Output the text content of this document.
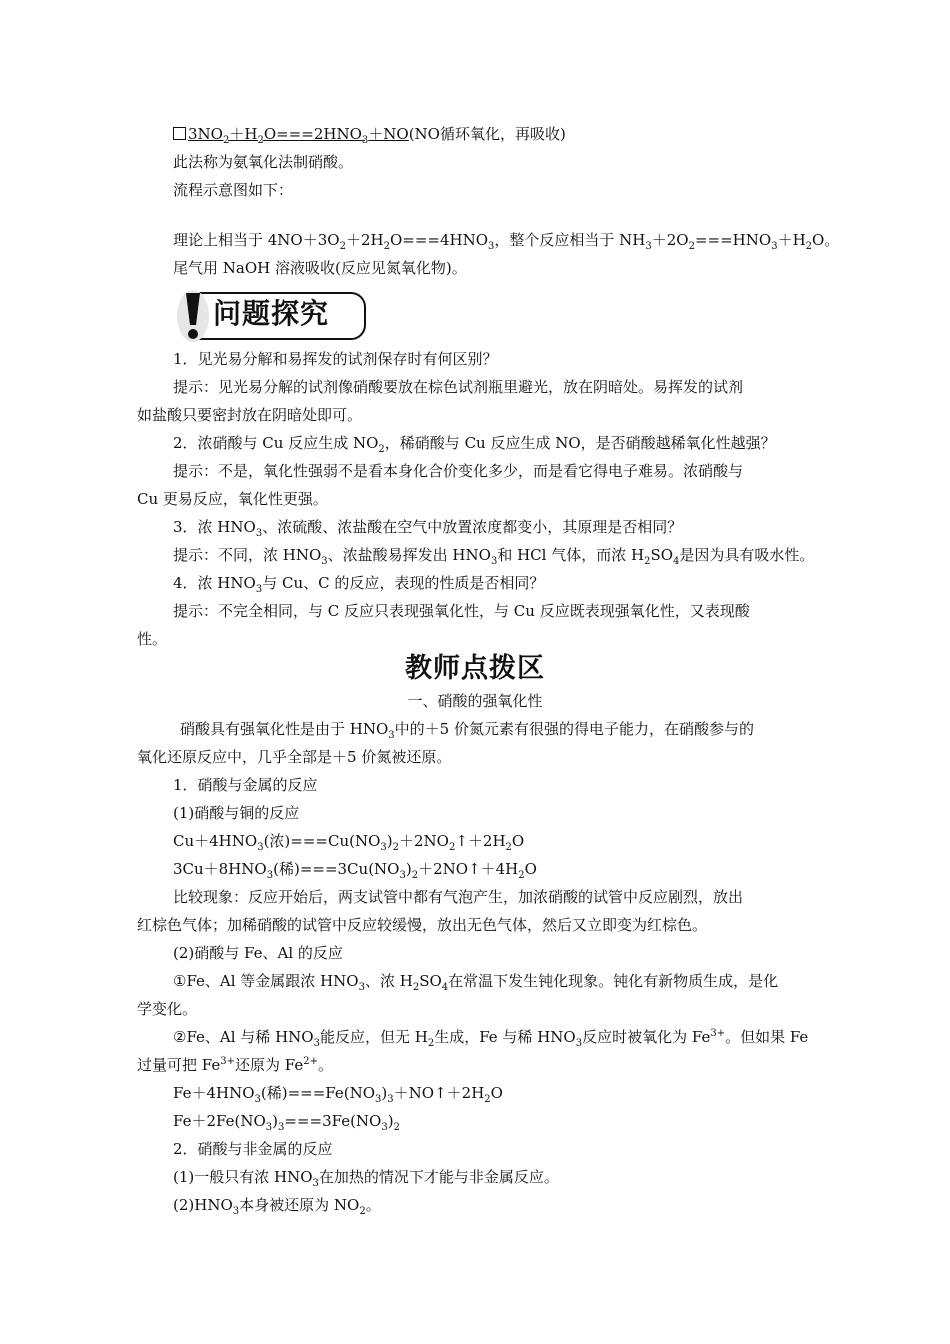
$3NO_2+H_2O===2HNO_3+NO(NO$循环氧化，再吸收)
此法称为氨氧化法制硝酸。
流程示意图如下：
理论上相当于 $4NO+3O_2+2H_2O===4HNO_3$，整个反应相当于 $NH_3+2O_2===HNO_3+H_2O$。
尾气用 NaOH 溶液吸收(反应见氮氧化物)。
问题探究
1．见光易分解和易挥发的试剂保存时有何区别？
提示：见光易分解的试剂像硝酸要放在棕色试剂瓶里避光，放在阴暗处。易挥发的试剂
如盐酸只要密封放在阴暗处即可。
2．浓硝酸与 Cu 反应生成 $NO_2$，稀硝酸与 Cu 反应生成 NO，是否硝酸越稀氧化性越强？
提示：不是，氧化性强弱不是看本身化合价变化多少，而是看它得电子难易。浓硝酸与
Cu 更易反应，氧化性更强。
3．浓 $HNO_3$、浓硫酸、浓盐酸在空气中放置浓度都变小，其原理是否相同？
提示：不同，浓 $HNO_3$、浓盐酸易挥发出 $HNO_3$和 HCl 气体，而浓 $H_2SO_4$是因为具有吸水性。
4．浓 $HNO_3$与 Cu、C 的反应，表现的性质是否相同？
提示：不完全相同，与 C 反应只表现强氧化性，与 Cu 反应既表现强氧化性，又表现酸
性。
教师点拨区
一、硝酸的强氧化性
硝酸具有强氧化性是由于 $HNO_3$中的＋5 价氮元素有很强的得电子能力，在硝酸参与的
氧化还原反应中，几乎全部是＋5 价氮被还原。
1．硝酸与金属的反应
(1)硝酸与铜的反应
$Cu+4HNO_3$(浓)$===Cu(NO_3)_2+2NO_2↑+2H_2O$
$3Cu+8HNO_3$(稀)$===3Cu(NO_3)_2+2NO↑+4H_2O$
比较现象：反应开始后，两支试管中都有气泡产生，加浓硝酸的试管中反应剧烈，放出
红棕色气体；加稀硝酸的试管中反应较缓慢，放出无色气体，然后又立即变为红棕色。
(2)硝酸与 Fe、Al 的反应
①Fe、Al 等金属跟浓 $HNO_3$、浓 $H_2SO_4$在常温下发生钝化现象。钝化有新物质生成，是化
学变化。
②Fe、Al 与稀 $HNO_3$能反应，但无 $H_2$生成，Fe 与稀 $HNO_3$反应时被氧化为 $Fe^{3+}$。但如果 Fe
过量可把 $Fe^{3+}$还原为 $Fe^{2+}$。
$Fe+4HNO_3$(稀)$===Fe(NO_3)_3+NO↑+2H_2O$
$Fe+2Fe(NO_3)_3===3Fe(NO_3)_2$
2．硝酸与非金属的反应
(1)一般只有浓 $HNO_3$在加热的情况下才能与非金属反应。
$(2)HNO_3$本身被还原为 $NO_2$。
